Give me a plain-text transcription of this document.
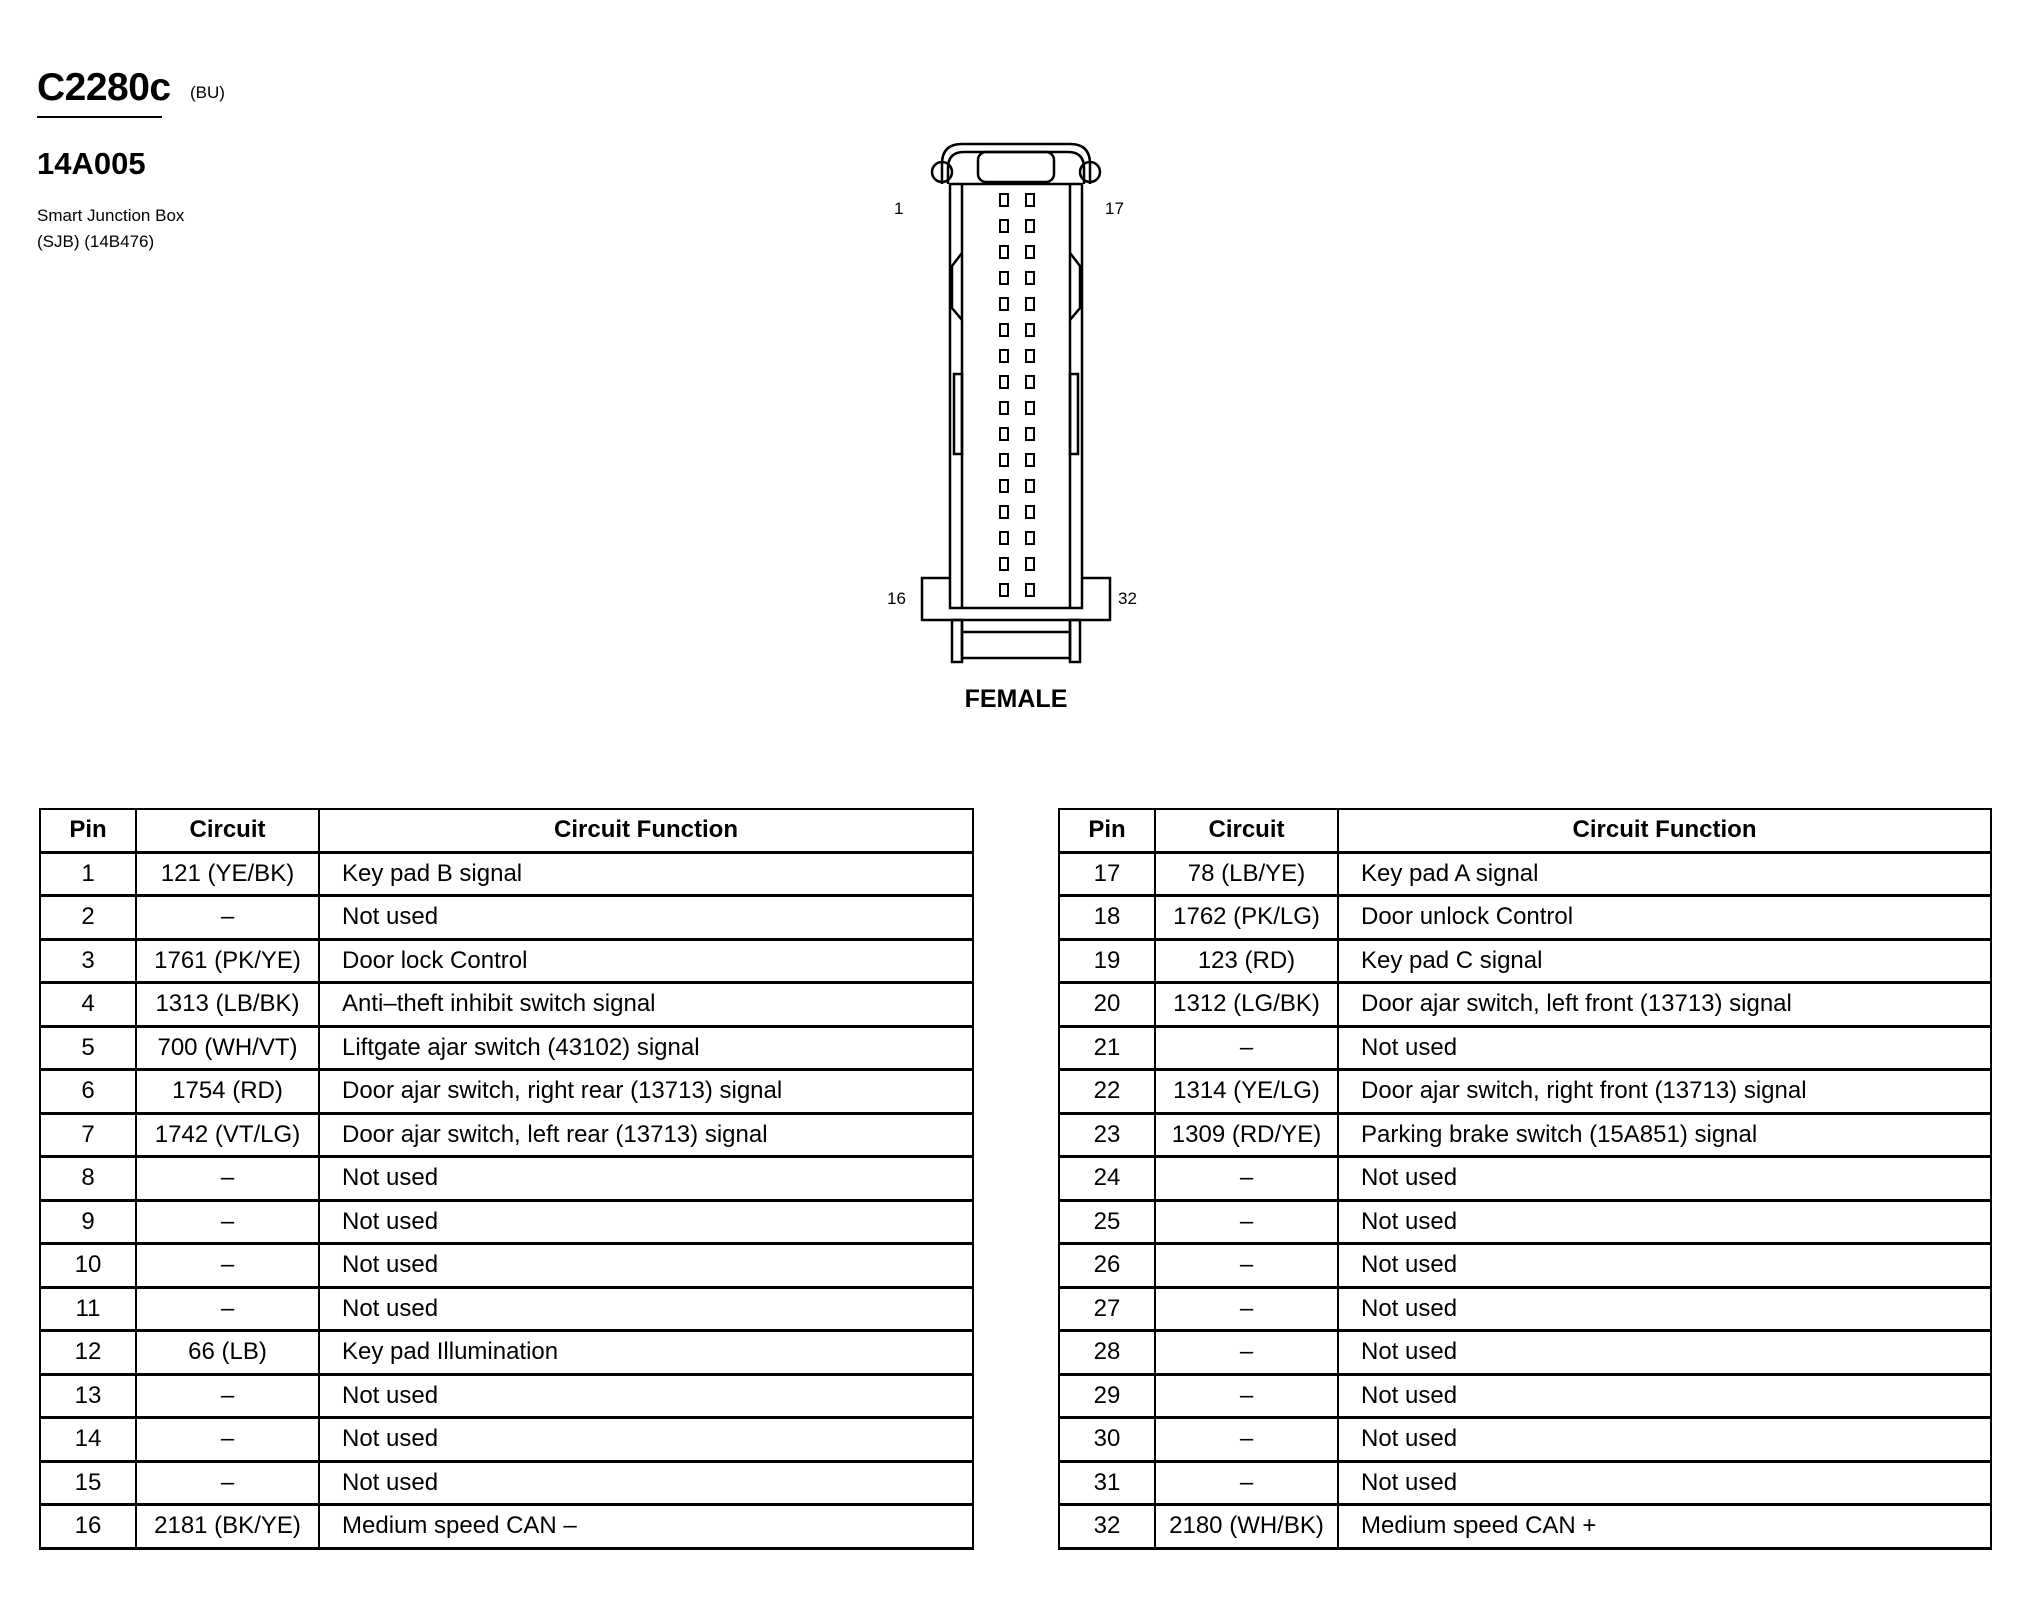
C2280c (BU)
14A005
Smart Junction Box
(SJB) (14B476)
1	17
16	32
FEMALE
Pin	Circuit	Circuit Function
1	121 (YE/BK)	Key pad B signal
2	–	Not used
3	1761 (PK/YE)	Door lock Control
4	1313 (LB/BK)	Anti–theft inhibit switch signal
5	700 (WH/VT)	Liftgate ajar switch (43102) signal
6	1754 (RD)	Door ajar switch, right rear (13713) signal
7	1742 (VT/LG)	Door ajar switch, left rear (13713) signal
8	–	Not used
9	–	Not used
10	–	Not used
11	–	Not used
12	66 (LB)	Key pad Illumination
13	–	Not used
14	–	Not used
15	–	Not used
16	2181 (BK/YE)	Medium speed CAN –
Pin	Circuit	Circuit Function
17	78 (LB/YE)	Key pad A signal
18	1762 (PK/LG)	Door unlock Control
19	123 (RD)	Key pad C signal
20	1312 (LG/BK)	Door ajar switch, left front (13713) signal
21	–	Not used
22	1314 (YE/LG)	Door ajar switch, right front (13713) signal
23	1309 (RD/YE)	Parking brake switch (15A851) signal
24	–	Not used
25	–	Not used
26	–	Not used
27	–	Not used
28	–	Not used
29	–	Not used
30	–	Not used
31	–	Not used
32	2180 (WH/BK)	Medium speed CAN +
